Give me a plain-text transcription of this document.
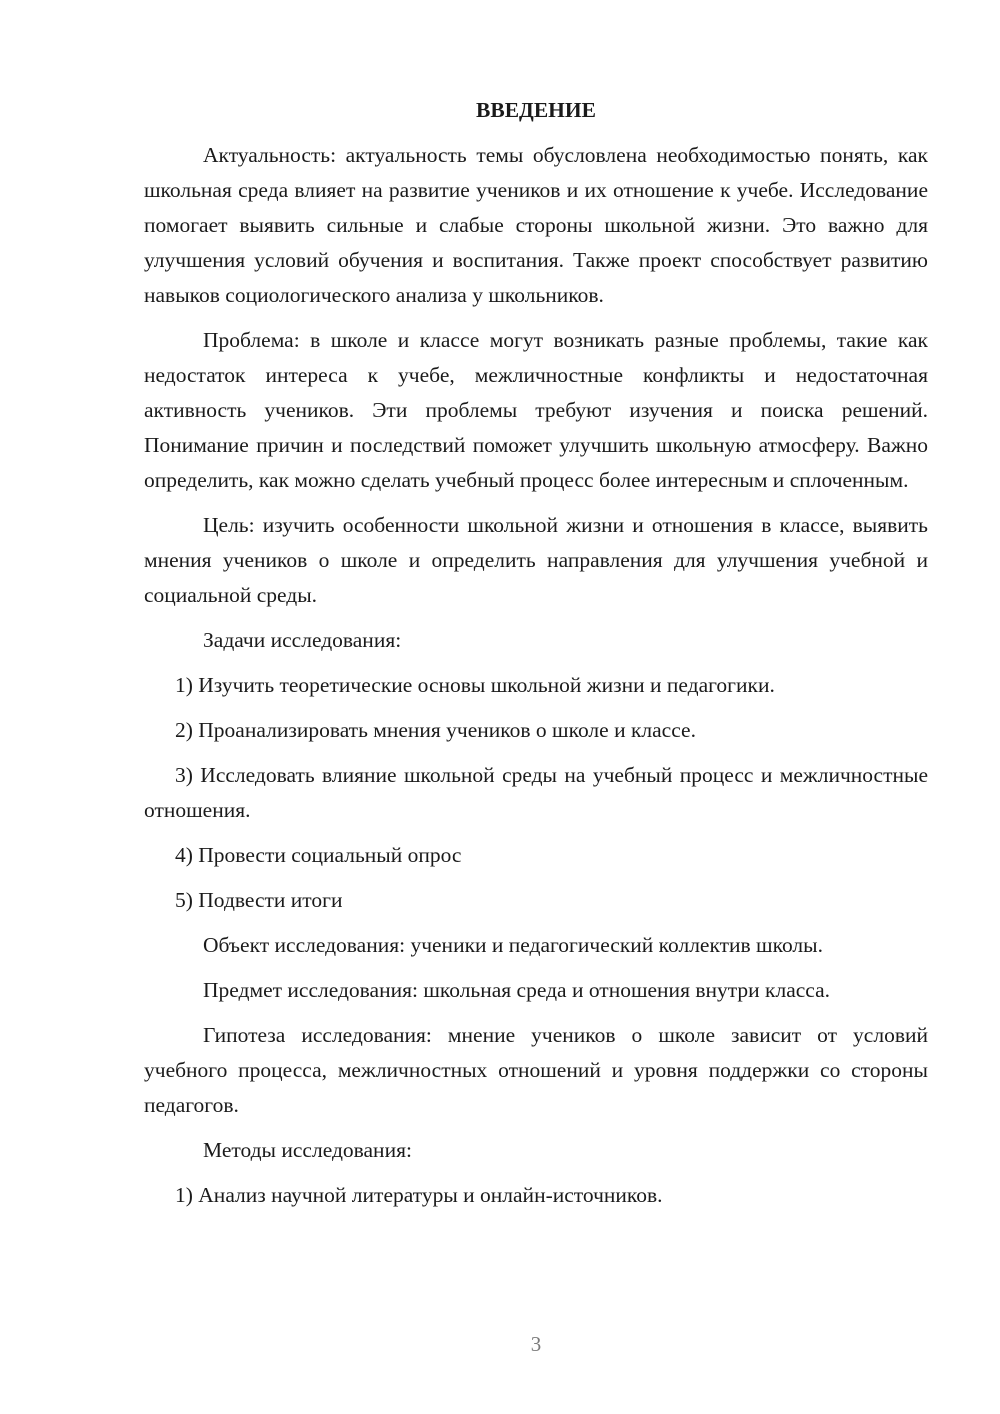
ВВЕДЕНИЕ

Актуальность: актуальность темы обусловлена необходимостью понять, как школьная среда влияет на развитие учеников и их отношение к учебе. Исследование помогает выявить сильные и слабые стороны школьной жизни. Это важно для улучшения условий обучения и воспитания. Также проект способствует развитию навыков социологического анализа у школьников.

Проблема: в школе и классе могут возникать разные проблемы, такие как недостаток интереса к учебе, межличностные конфликты и недостаточная активность учеников. Эти проблемы требуют изучения и поиска решений. Понимание причин и последствий поможет улучшить школьную атмосферу. Важно определить, как можно сделать учебный процесс более интересным и сплоченным.

Цель: изучить особенности школьной жизни и отношения в классе, выявить мнения учеников о школе и определить направления для улучшения учебной и социальной среды.

Задачи исследования:

1) Изучить теоретические основы школьной жизни и педагогики.

2) Проанализировать мнения учеников о школе и классе.

3) Исследовать влияние школьной среды на учебный процесс и межличностные отношения.

4) Провести социальный опрос

5) Подвести итоги

Объект исследования: ученики и педагогический коллектив школы.

Предмет исследования: школьная среда и отношения внутри класса.

Гипотеза исследования: мнение учеников о школе зависит от условий учебного процесса, межличностных отношений и уровня поддержки со стороны педагогов.

Методы исследования:

1) Анализ научной литературы и онлайн-источников.

3
